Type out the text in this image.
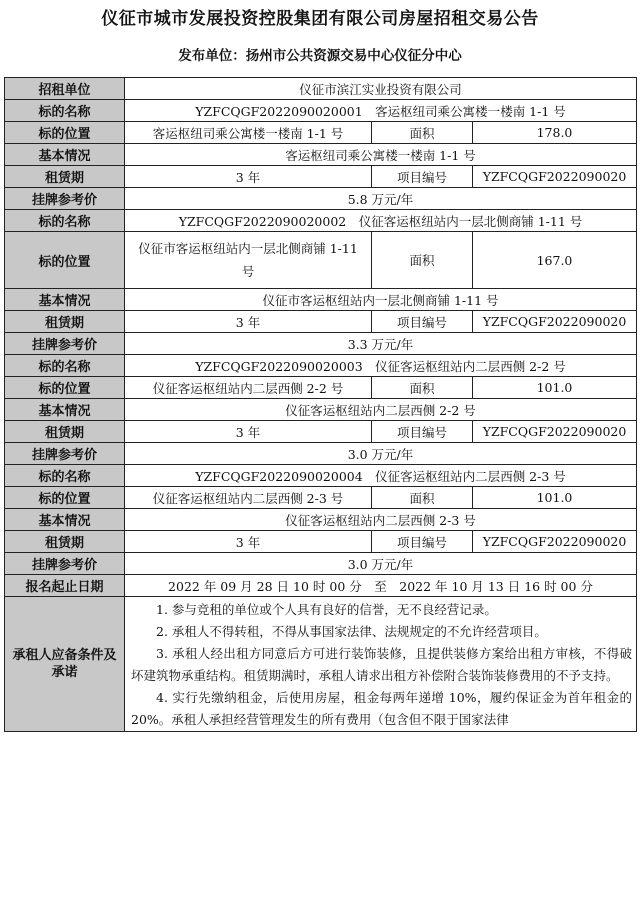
仪征市城市发展投资控股集团有限公司房屋招租交易公告
发布单位：扬州市公共资源交易中心仪征分中心
招租单位	仪征市滨江实业投资有限公司		
标的名称	YZFCQGF2022090020001　客运枢纽司乘公寓楼一楼南 1-1 号		
标的位置	客运枢纽司乘公寓楼一楼南 1-1 号	面积	178.0
基本情况	客运枢纽司乘公寓楼一楼南 1-1 号		
租赁期	3 年	项目编号	YZFCQGF2022090020
挂牌参考价	5.8 万元/年		
标的名称	YZFCQGF2022090020002　仪征客运枢纽站内一层北侧商铺 1-11 号		
标的位置	仪征市客运枢纽站内一层北侧商铺 1-11 号	面积	167.0
基本情况	仪征市客运枢纽站内一层北侧商铺 1-11 号		
租赁期	3 年	项目编号	YZFCQGF2022090020
挂牌参考价	3.3 万元/年		
标的名称	YZFCQGF2022090020003　仪征客运枢纽站内二层西侧 2-2 号		
标的位置	仪征客运枢纽站内二层西侧 2-2 号	面积	101.0
基本情况	仪征客运枢纽站内二层西侧 2-2 号		
租赁期	3 年	项目编号	YZFCQGF2022090020
挂牌参考价	3.0 万元/年		
标的名称	YZFCQGF2022090020004　仪征客运枢纽站内二层西侧 2-3 号		
标的位置	仪征客运枢纽站内二层西侧 2-3 号	面积	101.0
基本情况	仪征客运枢纽站内二层西侧 2-3 号		
租赁期	3 年	项目编号	YZFCQGF2022090020
挂牌参考价	3.0 万元/年		
报名起止日期	2022 年 09 月 28 日 10 时 00 分　至　2022 年 10 月 13 日 16 时 00 分		
承租人应备条件及承诺	1. 参与竞租的单位或个人具有良好的信誉，无不良经营记录。

2. 承租人不得转租，不得从事国家法律、法规规定的不允许经营项目。

3. 承租人经出租方同意后方可进行装饰装修，且提供装修方案给出租方审核，不得破坏建筑物承重结构。租赁期满时，承租人请求出租方补偿附合装饰装修费用的不予支持。

4. 实行先缴纳租金，后使用房屋，租金每两年递增 10%，履约保证金为首年租金的 20%。承租人承担经营管理发生的所有费用（包含但不限于国家法律		
